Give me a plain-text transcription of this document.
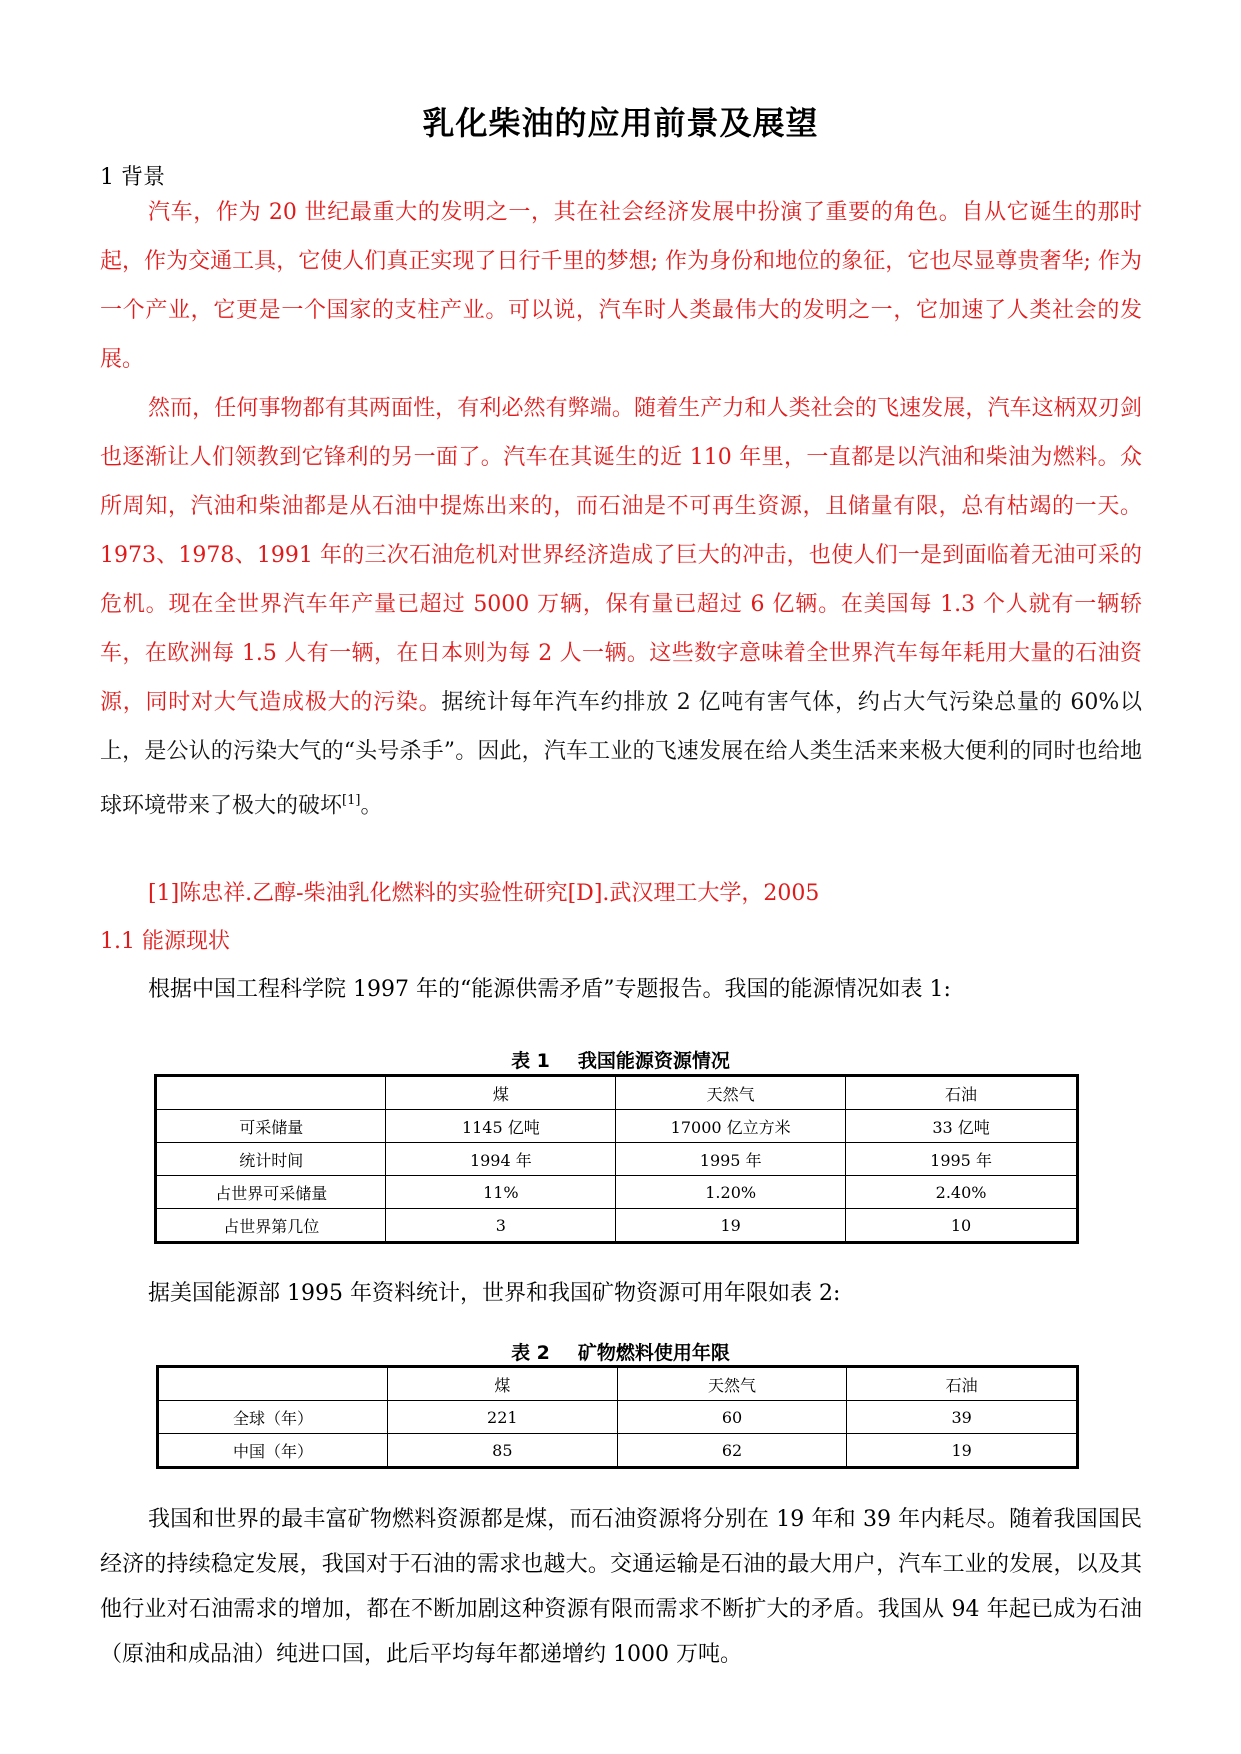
乳化柴油的应用前景及展望

1 背景

汽车，作为 20 世纪最重大的发明之一，其在社会经济发展中扮演了重要的角色。自从它诞生的那时起，作为交通工具，它使人们真正实现了日行千里的梦想; 作为身份和地位的象征，它也尽显尊贵奢华; 作为一个产业，它更是一个国家的支柱产业。可以说，汽车时人类最伟大的发明之一，它加速了人类社会的发展。

然而，任何事物都有其两面性，有利必然有弊端。随着生产力和人类社会的飞速发展，汽车这柄双刃剑也逐渐让人们领教到它锋利的另一面了。汽车在其诞生的近 110 年里，一直都是以汽油和柴油为燃料。众所周知，汽油和柴油都是从石油中提炼出来的，而石油是不可再生资源，且储量有限，总有枯竭的一天。1973、1978、1991 年的三次石油危机对世界经济造成了巨大的冲击，也使人们一是到面临着无油可采的危机。现在全世界汽车年产量已超过 5000 万辆，保有量已超过 6 亿辆。在美国每 1.3 个人就有一辆轿车，在欧洲每 1.5 人有一辆，在日本则为每 2 人一辆。这些数字意味着全世界汽车每年耗用大量的石油资源，同时对大气造成极大的污染。据统计每年汽车约排放 2 亿吨有害气体，约占大气污染总量的 60%以上，是公认的污染大气的“头号杀手”。因此，汽车工业的飞速发展在给人类生活来来极大便利的同时也给地球环境带来了极大的破坏[1]。

[1]陈忠祥.乙醇-柴油乳化燃料的实验性研究[D].武汉理工大学，2005

1.1 能源现状

根据中国工程科学院 1997 年的“能源供需矛盾”专题报告。我国的能源情况如表 1:

表 1 我国能源资源情况
	煤	天然气	石油
可采储量	1145 亿吨	17000 亿立方米	33 亿吨
统计时间	1994 年	1995 年	1995 年
占世界可采储量	11%	1.20%	2.40%
占世界第几位	3	19	10

据美国能源部 1995 年资料统计，世界和我国矿物资源可用年限如表 2:

表 2 矿物燃料使用年限
	煤	天然气	石油
全球（年）	221	60	39
中国（年）	85	62	19

我国和世界的最丰富矿物燃料资源都是煤，而石油资源将分别在 19 年和 39 年内耗尽。随着我国国民经济的持续稳定发展，我国对于石油的需求也越大。交通运输是石油的最大用户，汽车工业的发展，以及其他行业对石油需求的增加，都在不断加剧这种资源有限而需求不断扩大的矛盾。我国从 94 年起已成为石油（原油和成品油）纯进口国，此后平均每年都递增约 1000 万吨。
